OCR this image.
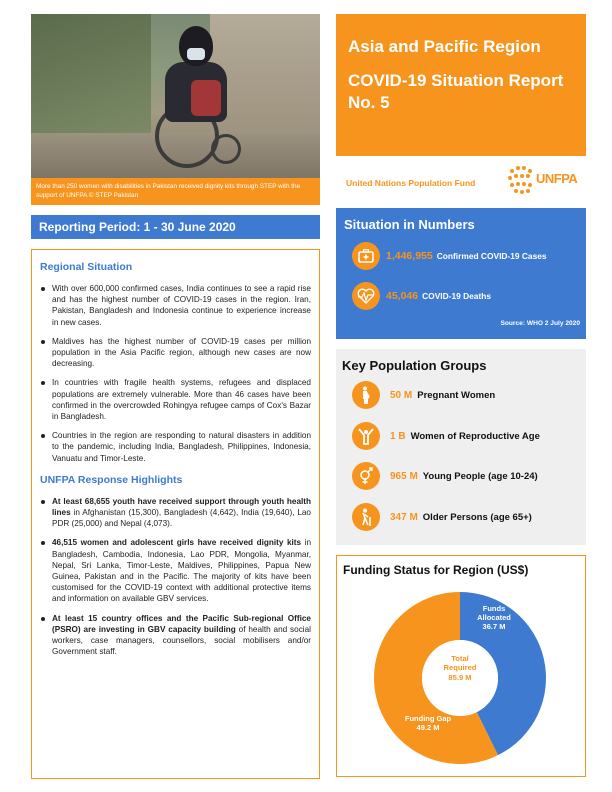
More than 250 women with disabilities in Pakistan received dignity kits through STEP with the support of UNFPA © STEP Pakistan
Asia and Pacific Region
COVID-19 Situation Report No. 5
United Nations Population Fund	UNFPA
Reporting Period: 1 - 30 June 2020
Regional Situation
With over 600,000 confirmed cases, India continues to see a rapid rise and has the highest number of COVID-19 cases in the region. Iran, Pakistan, Bangladesh and Indonesia continue to experience increase in new cases.
Maldives has the highest number of COVID-19 cases per million population in the Asia Pacific region, although new cases are now decreasing.
In countries with fragile health systems, refugees and displaced populations are extremely vulnerable. More than 46 cases have been confirmed in the overcrowded Rohingya refugee camps of Cox's Bazar in Bangladesh.
Countries in the region are responding to natural disasters in addition to the pandemic, including India, Bangladesh, Philippines, Indonesia, Vanuatu and Timor-Leste.
UNFPA Response Highlights
At least 68,655 youth have received support through youth health lines in Afghanistan (15,300), Bangladesh (4,642), India (19,640), Lao PDR (25,000) and Nepal (4,073).
46,515 women and adolescent girls have received dignity kits in Bangladesh, Cambodia, Indonesia, Lao PDR, Mongolia, Myanmar, Nepal, Sri Lanka, Timor-Leste, Maldives, Philippines, Papua New Guinea, Pakistan and in the Pacific. The majority of kits have been customised for the COVID-19 context with additional protective items and information on available GBV services.
At least 15 country offices and the Pacific Sub-regional Office (PSRO) are investing in GBV capacity building of health and social workers, case managers, counsellors, social mobilisers and/or Government staff.
Situation in Numbers
1,446,955 Confirmed COVID-19 Cases
45,046 COVID-19 Deaths
Source: WHO 2 July 2020
Key Population Groups
50 M Pregnant Women
1 B Women of Reproductive Age
965 M Young People (age 10-24)
347 M Older Persons (age 65+)
Funding Status for Region (US$)
Funds Allocated
36.7 M
Funding Gap
49.2 M
Total Required
85.9 M
